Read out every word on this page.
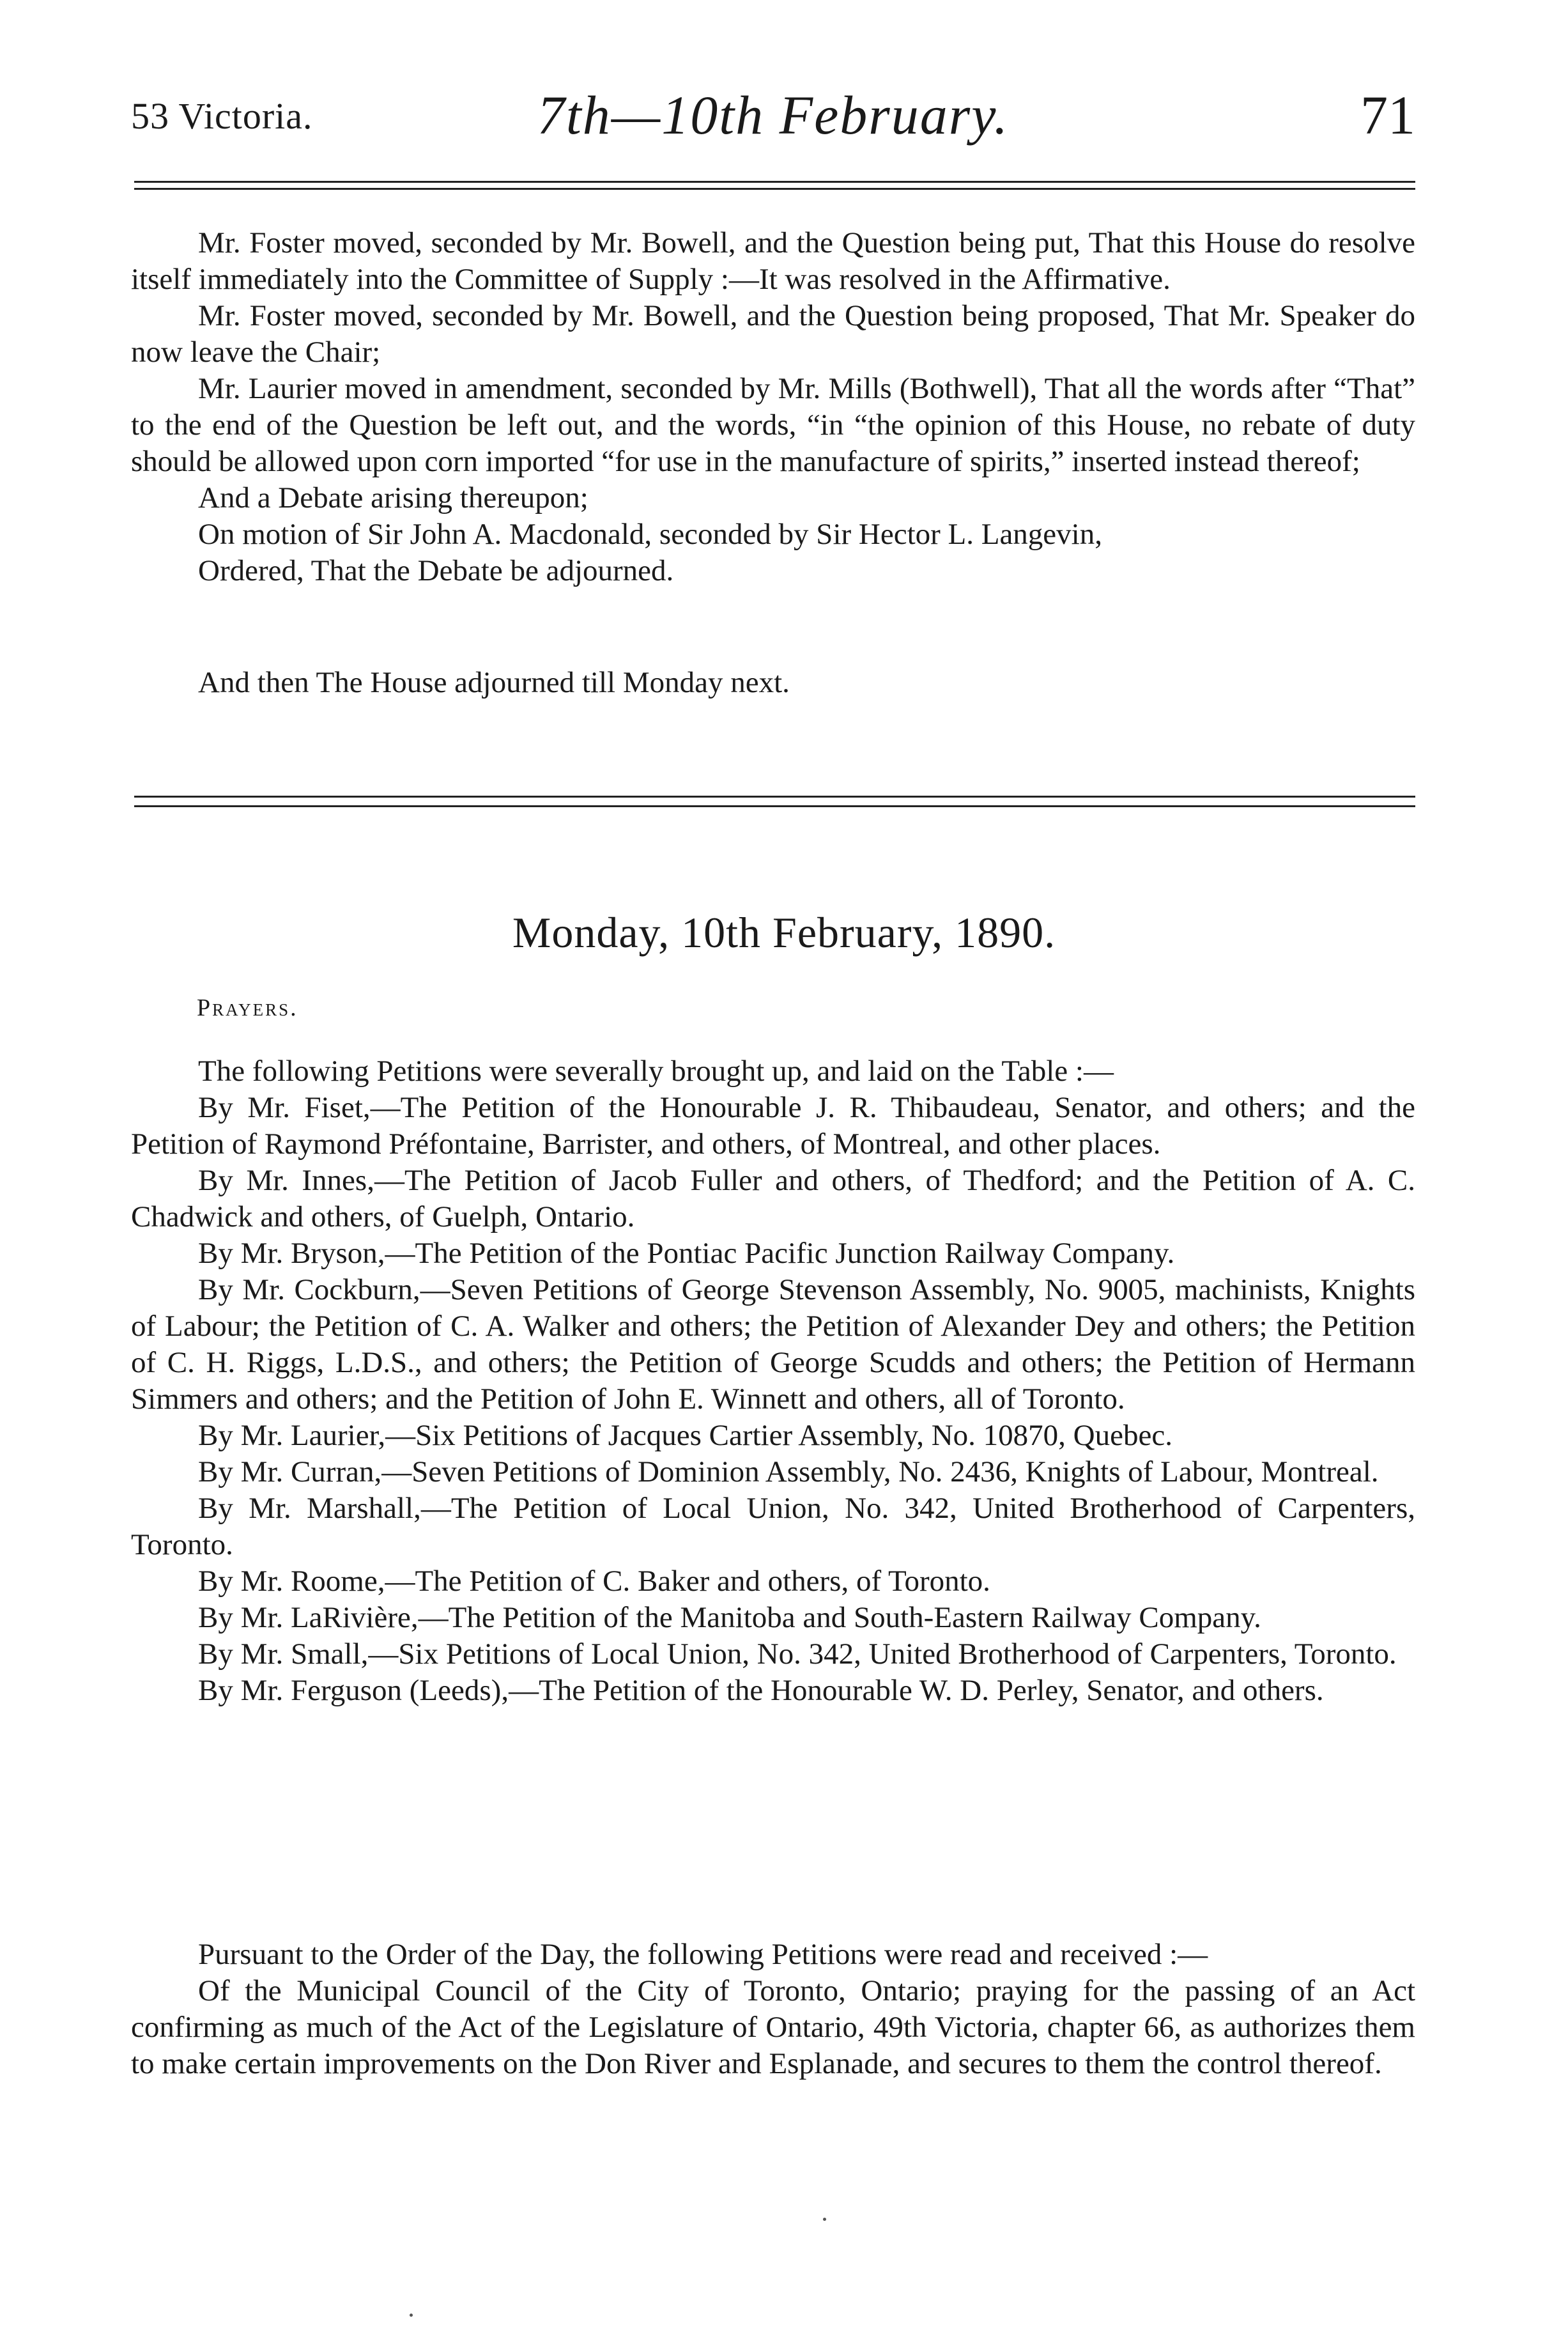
53 Victoria.	7th—10th February.	71

Mr. Foster moved, seconded by Mr. Bowell, and the Question being put, That this House do resolve itself immediately into the Committee of Supply :—It was resolved in the Affirmative.

Mr. Foster moved, seconded by Mr. Bowell, and the Question being proposed, That Mr. Speaker do now leave the Chair;

Mr. Laurier moved in amendment, seconded by Mr. Mills (Bothwell), That all the words after “That” to the end of the Question be left out, and the words, “in “the opinion of this House, no rebate of duty should be allowed upon corn imported “for use in the manufacture of spirits,” inserted instead thereof;

And a Debate arising thereupon;

On motion of Sir John A. Macdonald, seconded by Sir Hector L. Langevin,

Ordered, That the Debate be adjourned.

And then The House adjourned till Monday next.

Monday, 10th February, 1890.
Prayers.

The following Petitions were severally brought up, and laid on the Table :—

By Mr. Fiset,—The Petition of the Honourable J. R. Thibaudeau, Senator, and others; and the Petition of Raymond Préfontaine, Barrister, and others, of Montreal, and other places.

By Mr. Innes,—The Petition of Jacob Fuller and others, of Thedford; and the Petition of A. C. Chadwick and others, of Guelph, Ontario.

By Mr. Bryson,—The Petition of the Pontiac Pacific Junction Railway Company.

By Mr. Cockburn,—Seven Petitions of George Stevenson Assembly, No. 9005, machinists, Knights of Labour; the Petition of C. A. Walker and others; the Petition of Alexander Dey and others; the Petition of C. H. Riggs, L.D.S., and others; the Petition of George Scudds and others; the Petition of Hermann Simmers and others; and the Petition of John E. Winnett and others, all of Toronto.

By Mr. Laurier,—Six Petitions of Jacques Cartier Assembly, No. 10870, Quebec.

By Mr. Curran,—Seven Petitions of Dominion Assembly, No. 2436, Knights of Labour, Montreal.

By Mr. Marshall,—The Petition of Local Union, No. 342, United Brotherhood of Carpenters, Toronto.

By Mr. Roome,—The Petition of C. Baker and others, of Toronto.

By Mr. LaRivière,—The Petition of the Manitoba and South-Eastern Railway Company.

By Mr. Small,—Six Petitions of Local Union, No. 342, United Brotherhood of Carpenters, Toronto.

By Mr. Ferguson (Leeds),—The Petition of the Honourable W. D. Perley, Senator, and others.

Pursuant to the Order of the Day, the following Petitions were read and received :—

Of the Municipal Council of the City of Toronto, Ontario; praying for the passing of an Act confirming as much of the Act of the Legislature of Ontario, 49th Victoria, chapter 66, as authorizes them to make certain improvements on the Don River and Esplanade, and secures to them the control thereof.
